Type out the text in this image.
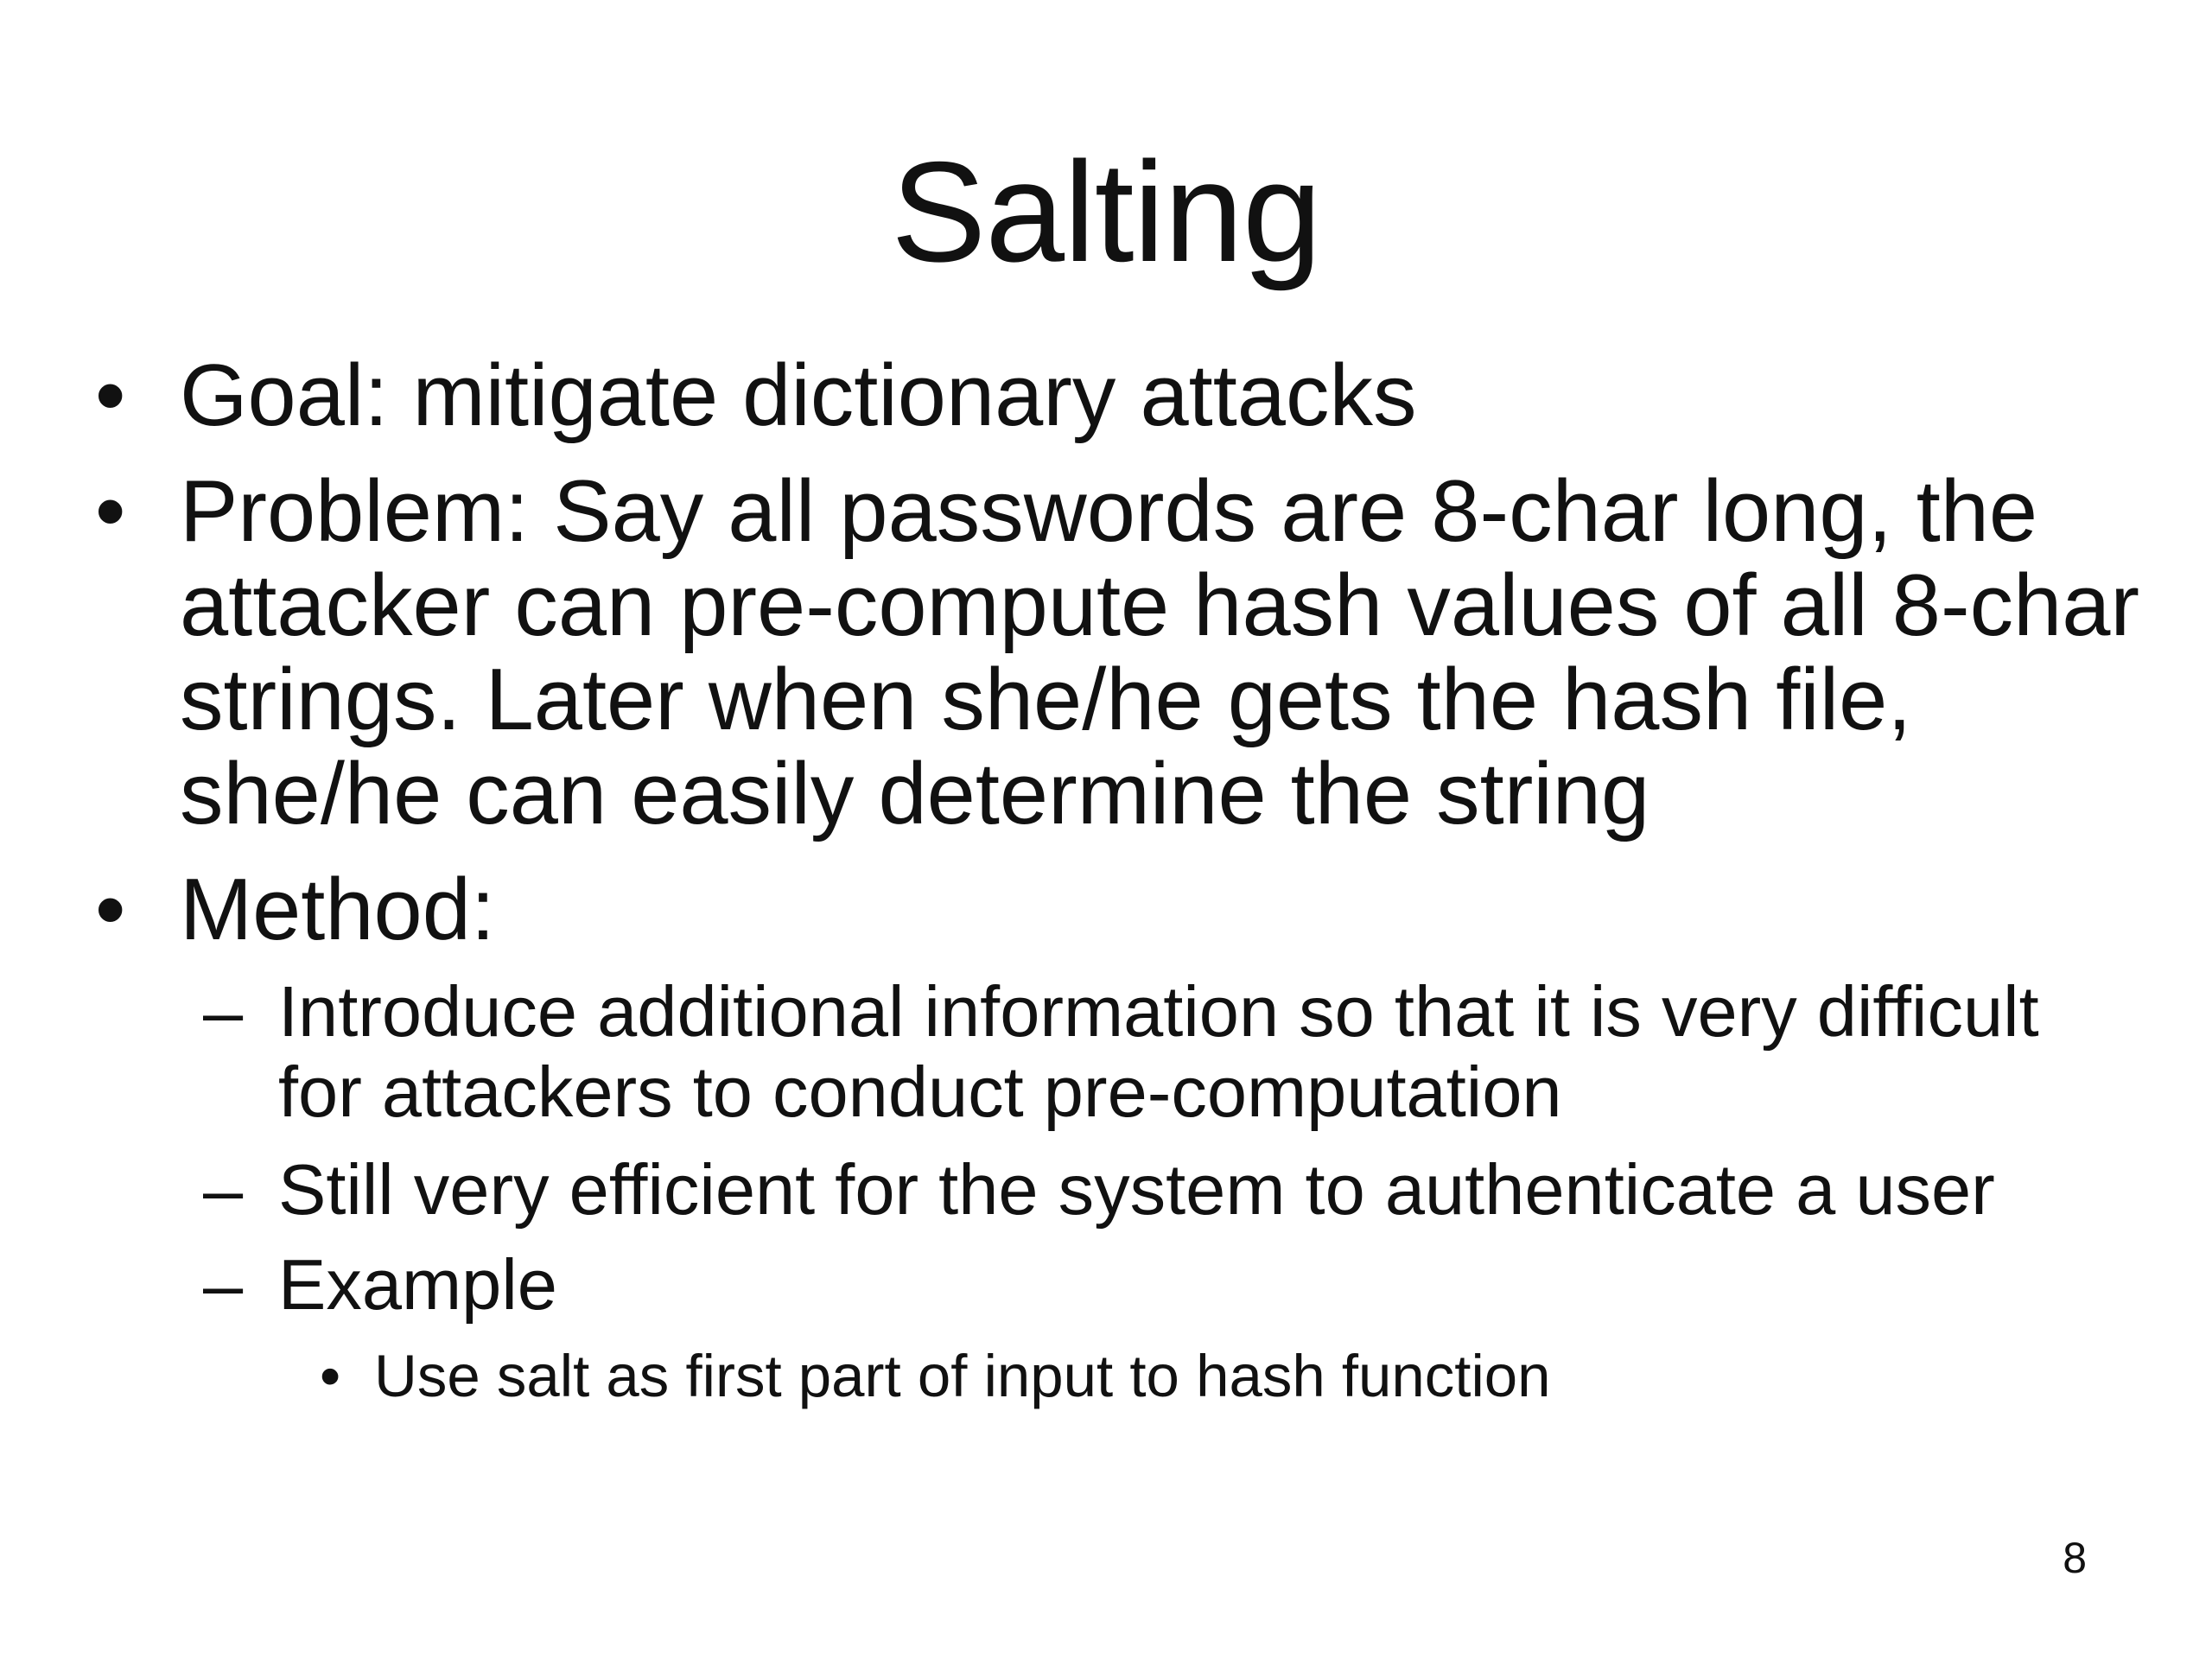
Salting
• Goal: mitigate dictionary attacks
• Problem: Say all passwords are 8-char long, the
attacker can pre-compute hash values of all 8-char
strings. Later when she/he gets the hash file,
she/he can easily determine the string
• Method:
– Introduce additional information so that it is very difficult
for attackers to conduct pre-computation
– Still very efficient for the system to authenticate a user
– Example
• Use salt as first part of input to hash function
8
